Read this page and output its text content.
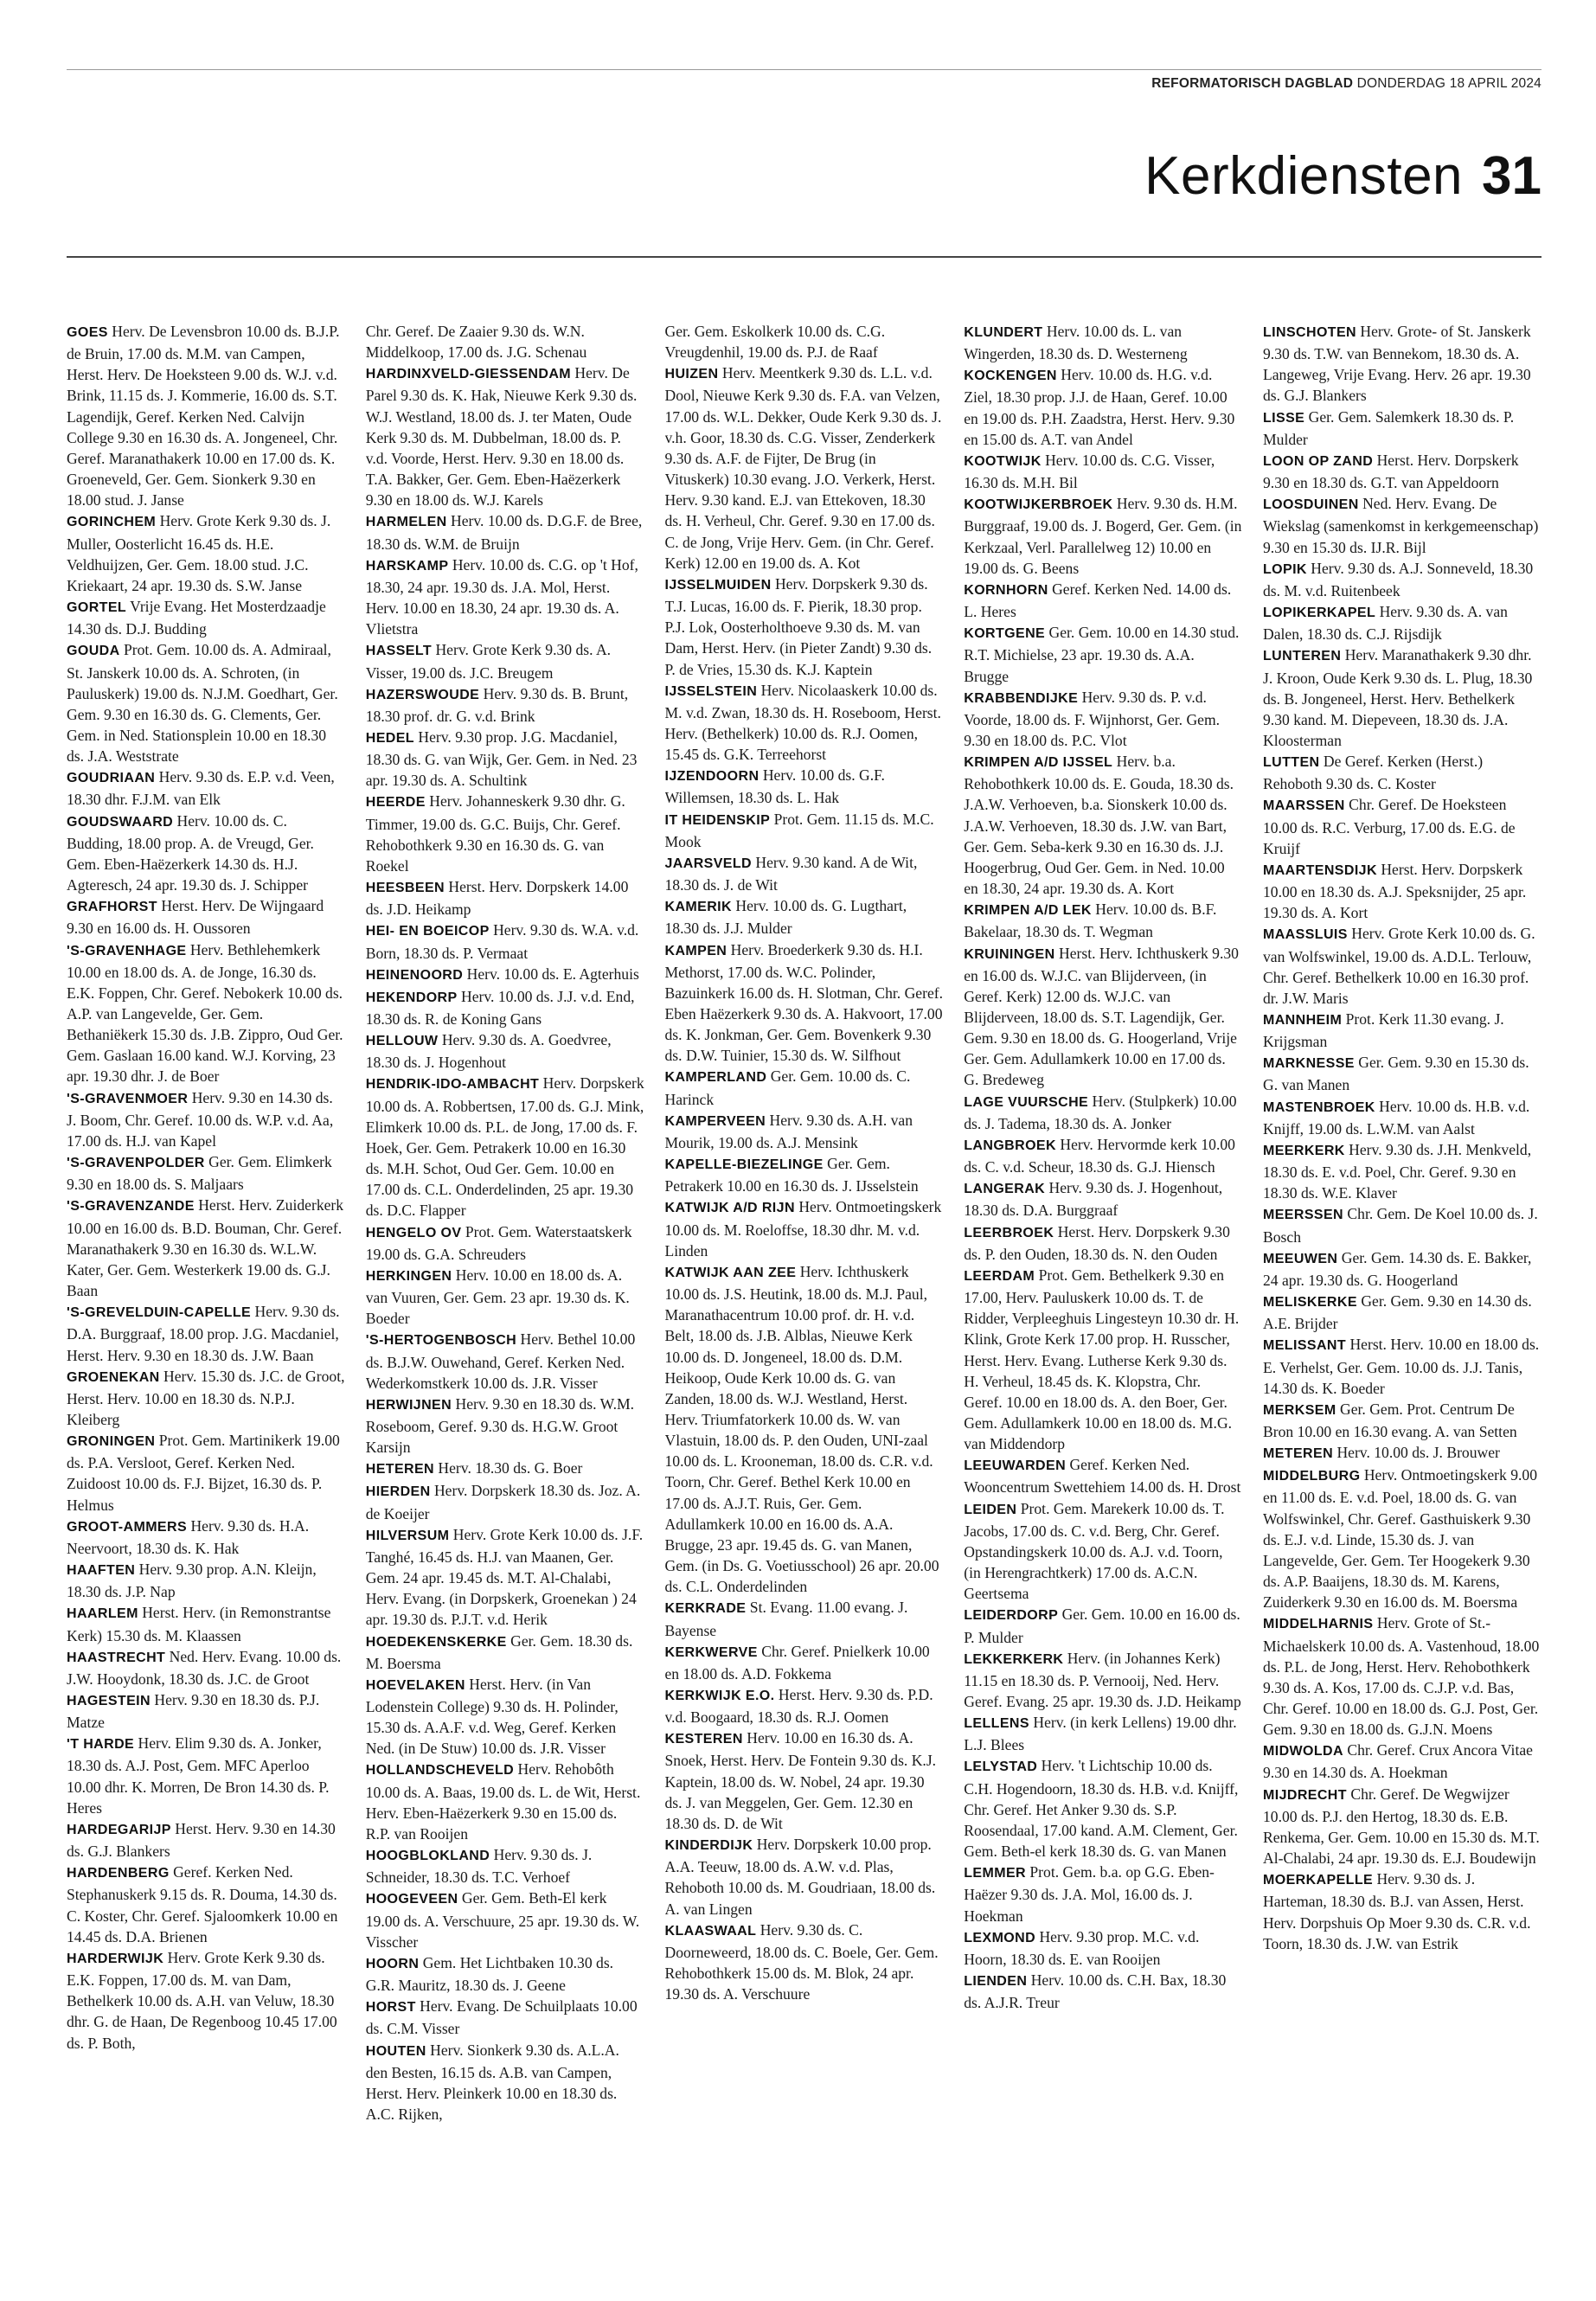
REFORMATORISCH DAGBLAD DONDERDAG 18 APRIL 2024
Kerkdiensten 31

GOES Herv. De Levensbron 10.00 ds. B.J.P. de Bruin, 17.00 ds. M.M. van Campen, Herst. Herv. De Hoeksteen 9.00 ds. W.J. v.d. Brink, 11.15 ds. J. Kommerie, 16.00 ds. S.T. Lagendijk, Geref. Kerken Ned. Calvijn College 9.30 en 16.30 ds. A. Jongeneel, Chr. Geref. Maranathakerk 10.00 en 17.00 ds. K. Groeneveld, Ger. Gem. Sionkerk 9.30 en 18.00 stud. J. Janse

GORINCHEM Herv. Grote Kerk 9.30 ds. J. Muller, Oosterlicht 16.45 ds. H.E. Veldhuijzen, Ger. Gem. 18.00 stud. J.C. Kriekaart, 24 apr. 19.30 ds. S.W. Janse

GORTEL Vrije Evang. Het Mosterdzaadje 14.30 ds. D.J. Budding

GOUDA Prot. Gem. 10.00 ds. A. Admiraal, St. Janskerk 10.00 ds. A. Schroten, (in Pauluskerk) 19.00 ds. N.J.M. Goedhart, Ger. Gem. 9.30 en 16.30 ds. G. Clements, Ger. Gem. in Ned. Stationsplein 10.00 en 18.30 ds. J.A. Weststrate

GOUDRIAAN Herv. 9.30 ds. E.P. v.d. Veen, 18.30 dhr. F.J.M. van Elk

GOUDSWAARD Herv. 10.00 ds. C. Budding, 18.00 prop. A. de Vreugd, Ger. Gem. Eben-Haëzerkerk 14.30 ds. H.J. Agteresch, 24 apr. 19.30 ds. J. Schipper

GRAFHORST Herst. Herv. De Wijngaard 9.30 en 16.00 ds. H. Oussoren

'S-GRAVENHAGE Herv. Bethlehemkerk 10.00 en 18.00 ds. A. de Jonge, 16.30 ds. E.K. Foppen, Chr. Geref. Nebokerk 10.00 ds. A.P. van Langevelde, Ger. Gem. Bethaniëkerk 15.30 ds. J.B. Zippro, Oud Ger. Gem. Gaslaan 16.00 kand. W.J. Korving, 23 apr. 19.30 dhr. J. de Boer

'S-GRAVENMOER Herv. 9.30 en 14.30 ds. J. Boom, Chr. Geref. 10.00 ds. W.P. v.d. Aa, 17.00 ds. H.J. van Kapel

'S-GRAVENPOLDER Ger. Gem. Elimkerk 9.30 en 18.00 ds. S. Maljaars

'S-GRAVENZANDE Herst. Herv. Zuiderkerk 10.00 en 16.00 ds. B.D. Bouman, Chr. Geref. Maranathakerk 9.30 en 16.30 ds. W.L.W. Kater, Ger. Gem. Westerkerk 19.00 ds. G.J. Baan

'S-GREVELDUIN-CAPELLE Herv. 9.30 ds. D.A. Burggraaf, 18.00 prop. J.G. Macdaniel, Herst. Herv. 9.30 en 18.30 ds. J.W. Baan

GROENEKAN Herv. 15.30 ds. J.C. de Groot, Herst. Herv. 10.00 en 18.30 ds. N.P.J. Kleiberg

GRONINGEN Prot. Gem. Martinikerk 19.00 ds. P.A. Versloot, Geref. Kerken Ned. Zuidoost 10.00 ds. F.J. Bijzet, 16.30 ds. P. Helmus

GROOT-AMMERS Herv. 9.30 ds. H.A. Neervoort, 18.30 ds. K. Hak

HAAFTEN Herv. 9.30 prop. A.N. Kleijn, 18.30 ds. J.P. Nap

HAARLEM Herst. Herv. (in Remonstrantse Kerk) 15.30 ds. M. Klaassen

HAASTRECHT Ned. Herv. Evang. 10.00 ds. J.W. Hooydonk, 18.30 ds. J.C. de Groot

HAGESTEIN Herv. 9.30 en 18.30 ds. P.J. Matze

'T HARDE Herv. Elim 9.30 ds. A. Jonker, 18.30 ds. A.J. Post, Gem. MFC Aperloo 10.00 dhr. K. Morren, De Bron 14.30 ds. P. Heres

HARDEGARIJP Herst. Herv. 9.30 en 14.30 ds. G.J. Blankers

HARDENBERG Geref. Kerken Ned. Stephanuskerk 9.15 ds. R. Douma, 14.30 ds. C. Koster, Chr. Geref. Sjaloomkerk 10.00 en 14.45 ds. D.A. Brienen

HARDERWIJK Herv. Grote Kerk 9.30 ds. E.K. Foppen, 17.00 ds. M. van Dam, Bethelkerk 10.00 ds. A.H. van Veluw, 18.30 dhr. G. de Haan, De Regenboog 10.45 17.00 ds. P. Both,

Chr. Geref. De Zaaier 9.30 ds. W.N. Middelkoop, 17.00 ds. J.G. Schenau

HARDINXVELD-GIESSENDAM Herv. De Parel 9.30 ds. K. Hak, Nieuwe Kerk 9.30 ds. W.J. Westland, 18.00 ds. J. ter Maten, Oude Kerk 9.30 ds. M. Dubbelman, 18.00 ds. P. v.d. Voorde, Herst. Herv. 9.30 en 18.00 ds. T.A. Bakker, Ger. Gem. Eben-Haëzerkerk 9.30 en 18.00 ds. W.J. Karels

HARMELEN Herv. 10.00 ds. D.G.F. de Bree, 18.30 ds. W.M. de Bruijn

HARSKAMP Herv. 10.00 ds. C.G. op 't Hof, 18.30, 24 apr. 19.30 ds. J.A. Mol, Herst. Herv. 10.00 en 18.30, 24 apr. 19.30 ds. A. Vlietstra

HASSELT Herv. Grote Kerk 9.30 ds. A. Visser, 19.00 ds. J.C. Breugem

HAZERSWOUDE Herv. 9.30 ds. B. Brunt, 18.30 prof. dr. G. v.d. Brink

HEDEL Herv. 9.30 prop. J.G. Macdaniel, 18.30 ds. G. van Wijk, Ger. Gem. in Ned. 23 apr. 19.30 ds. A. Schultink

HEERDE Herv. Johanneskerk 9.30 dhr. G. Timmer, 19.00 ds. G.C. Buijs, Chr. Geref. Rehobothkerk 9.30 en 16.30 ds. G. van Roekel

HEESBEEN Herst. Herv. Dorpskerk 14.00 ds. J.D. Heikamp

HEI- EN BOEICOP Herv. 9.30 ds. W.A. v.d. Born, 18.30 ds. P. Vermaat

HEINENOORD Herv. 10.00 ds. E. Agterhuis

HEKENDORP Herv. 10.00 ds. J.J. v.d. End, 18.30 ds. R. de Koning Gans

HELLOUW Herv. 9.30 ds. A. Goedvree, 18.30 ds. J. Hogenhout

HENDRIK-IDO-AMBACHT Herv. Dorpskerk 10.00 ds. A. Robbertsen, 17.00 ds. G.J. Mink, Elimkerk 10.00 ds. P.L. de Jong, 17.00 ds. F. Hoek, Ger. Gem. Petrakerk 10.00 en 16.30 ds. M.H. Schot, Oud Ger. Gem. 10.00 en 17.00 ds. C.L. Onderdelinden, 25 apr. 19.30 ds. D.C. Flapper

HENGELO OV Prot. Gem. Waterstaatskerk 19.00 ds. G.A. Schreuders

HERKINGEN Herv. 10.00 en 18.00 ds. A. van Vuuren, Ger. Gem. 23 apr. 19.30 ds. K. Boeder

'S-HERTOGENBOSCH Herv. Bethel 10.00 ds. B.J.W. Ouwehand, Geref. Kerken Ned. Wederkomstkerk 10.00 ds. J.R. Visser

HERWIJNEN Herv. 9.30 en 18.30 ds. W.M. Roseboom, Geref. 9.30 ds. H.G.W. Groot Karsijn

HETEREN Herv. 18.30 ds. G. Boer

HIERDEN Herv. Dorpskerk 18.30 ds. Joz. A. de Koeijer

HILVERSUM Herv. Grote Kerk 10.00 ds. J.F. Tanghé, 16.45 ds. H.J. van Maanen, Ger. Gem. 24 apr. 19.45 ds. M.T. Al-Chalabi, Herv. Evang. (in Dorpskerk, Groenekan ) 24 apr. 19.30 ds. P.J.T. v.d. Herik

HOEDEKENSKERKE Ger. Gem. 18.30 ds. M. Boersma

HOEVELAKEN Herst. Herv. (in Van Lodenstein College) 9.30 ds. H. Polinder, 15.30 ds. A.A.F. v.d. Weg, Geref. Kerken Ned. (in De Stuw) 10.00 ds. J.R. Visser

HOLLANDSCHEVELD Herv. Rehobôth 10.00 ds. A. Baas, 19.00 ds. L. de Wit, Herst. Herv. Eben-Haëzerkerk 9.30 en 15.00 ds. R.P. van Rooijen

HOOGBLOKLAND Herv. 9.30 ds. J. Schneider, 18.30 ds. T.C. Verhoef

HOOGEVEEN Ger. Gem. Beth-El kerk 19.00 ds. A. Verschuure, 25 apr. 19.30 ds. W. Visscher

HOORN Gem. Het Lichtbaken 10.30 ds. G.R. Mauritz, 18.30 ds. J. Geene

HORST Herv. Evang. De Schuilplaats 10.00 ds. C.M. Visser

HOUTEN Herv. Sionkerk 9.30 ds. A.L.A. den Besten, 16.15 ds. A.B. van Campen, Herst. Herv. Pleinkerk 10.00 en 18.30 ds. A.C. Rijken,

Ger. Gem. Eskolkerk 10.00 ds. C.G. Vreugdenhil, 19.00 ds. P.J. de Raaf

HUIZEN Herv. Meentkerk 9.30 ds. L.L. v.d. Dool, Nieuwe Kerk 9.30 ds. F.A. van Velzen, 17.00 ds. W.L. Dekker, Oude Kerk 9.30 ds. J. v.h. Goor, 18.30 ds. C.G. Visser, Zenderkerk 9.30 ds. A.F. de Fijter, De Brug (in Vituskerk) 10.30 evang. J.O. Verkerk, Herst. Herv. 9.30 kand. E.J. van Ettekoven, 18.30 ds. H. Verheul, Chr. Geref. 9.30 en 17.00 ds. C. de Jong, Vrije Herv. Gem. (in Chr. Geref. Kerk) 12.00 en 19.00 ds. A. Kot

IJSSELMUIDEN Herv. Dorpskerk 9.30 ds. T.J. Lucas, 16.00 ds. F. Pierik, 18.30 prop. P.J. Lok, Oosterholthoeve 9.30 ds. M. van Dam, Herst. Herv. (in Pieter Zandt) 9.30 ds. P. de Vries, 15.30 ds. K.J. Kaptein

IJSSELSTEIN Herv. Nicolaaskerk 10.00 ds. M. v.d. Zwan, 18.30 ds. H. Roseboom, Herst. Herv. (Bethelkerk) 10.00 ds. R.J. Oomen, 15.45 ds. G.K. Terreehorst

IJZENDOORN Herv. 10.00 ds. G.F. Willemsen, 18.30 ds. L. Hak

IT HEIDENSKIP Prot. Gem. 11.15 ds. M.C. Mook

JAARSVELD Herv. 9.30 kand. A de Wit, 18.30 ds. J. de Wit

KAMERIK Herv. 10.00 ds. G. Lugthart, 18.30 ds. J.J. Mulder

KAMPEN Herv. Broederkerk 9.30 ds. H.I. Methorst, 17.00 ds. W.C. Polinder, Bazuinkerk 16.00 ds. H. Slotman, Chr. Geref. Eben Haëzerkerk 9.30 ds. A. Hakvoort, 17.00 ds. K. Jonkman, Ger. Gem. Bovenkerk 9.30 ds. D.W. Tuinier, 15.30 ds. W. Silfhout

KAMPERLAND Ger. Gem. 10.00 ds. C. Harinck

KAMPERVEEN Herv. 9.30 ds. A.H. van Mourik, 19.00 ds. A.J. Mensink

KAPELLE-BIEZELINGE Ger. Gem. Petrakerk 10.00 en 16.30 ds. J. IJsselstein

KATWIJK A/D RIJN Herv. Ontmoetingskerk 10.00 ds. M. Roeloffse, 18.30 dhr. M. v.d. Linden

KATWIJK AAN ZEE Herv. Ichthuskerk 10.00 ds. J.S. Heutink, 18.00 ds. M.J. Paul, Maranathacentrum 10.00 prof. dr. H. v.d. Belt, 18.00 ds. J.B. Alblas, Nieuwe Kerk 10.00 ds. D. Jongeneel, 18.00 ds. D.M. Heikoop, Oude Kerk 10.00 ds. G. van Zanden, 18.00 ds. W.J. Westland, Herst. Herv. Triumfatorkerk 10.00 ds. W. van Vlastuin, 18.00 ds. P. den Ouden, UNI-zaal 10.00 ds. L. Krooneman, 18.00 ds. C.R. v.d. Toorn, Chr. Geref. Bethel Kerk 10.00 en 17.00 ds. A.J.T. Ruis, Ger. Gem. Adullamkerk 10.00 en 16.00 ds. A.A. Brugge, 23 apr. 19.45 ds. G. van Manen, Gem. (in Ds. G. Voetiusschool) 26 apr. 20.00 ds. C.L. Onderdelinden

KERKRADE St. Evang. 11.00 evang. J. Bayense

KERKWERVE Chr. Geref. Pnielkerk 10.00 en 18.00 ds. A.D. Fokkema

KERKWIJK E.O. Herst. Herv. 9.30 ds. P.D. v.d. Boogaard, 18.30 ds. R.J. Oomen

KESTEREN Herv. 10.00 en 16.30 ds. A. Snoek, Herst. Herv. De Fontein 9.30 ds. K.J. Kaptein, 18.00 ds. W. Nobel, 24 apr. 19.30 ds. J. van Meggelen, Ger. Gem. 12.30 en 18.30 ds. D. de Wit

KINDERDIJK Herv. Dorpskerk 10.00 prop. A.A. Teeuw, 18.00 ds. A.W. v.d. Plas, Rehoboth 10.00 ds. M. Goudriaan, 18.00 ds. A. van Lingen

KLAASWAAL Herv. 9.30 ds. C. Doorneweerd, 18.00 ds. C. Boele, Ger. Gem. Rehobothkerk 15.00 ds. M. Blok, 24 apr. 19.30 ds. A. Verschuure

KLUNDERT Herv. 10.00 ds. L. van Wingerden, 18.30 ds. D. Westerneng

KOCKENGEN Herv. 10.00 ds. H.G. v.d. Ziel, 18.30 prop. J.J. de Haan, Geref. 10.00 en 19.00 ds. P.H. Zaadstra, Herst. Herv. 9.30 en 15.00 ds. A.T. van Andel

KOOTWIJK Herv. 10.00 ds. C.G. Visser, 16.30 ds. M.H. Bil

KOOTWIJKERBROEK Herv. 9.30 ds. H.M. Burggraaf, 19.00 ds. J. Bogerd, Ger. Gem. (in Kerkzaal, Verl. Parallelweg 12) 10.00 en 19.00 ds. G. Beens

KORNHORN Geref. Kerken Ned. 14.00 ds. L. Heres

KORTGENE Ger. Gem. 10.00 en 14.30 stud. R.T. Michielse, 23 apr. 19.30 ds. A.A. Brugge

KRABBENDIJKE Herv. 9.30 ds. P. v.d. Voorde, 18.00 ds. F. Wijnhorst, Ger. Gem. 9.30 en 18.00 ds. P.C. Vlot

KRIMPEN A/D IJSSEL Herv. b.a. Rehobothkerk 10.00 ds. E. Gouda, 18.30 ds. J.A.W. Verhoeven, b.a. Sionskerk 10.00 ds. J.A.W. Verhoeven, 18.30 ds. J.W. van Bart, Ger. Gem. Seba-kerk 9.30 en 16.30 ds. J.J. Hoogerbrug, Oud Ger. Gem. in Ned. 10.00 en 18.30, 24 apr. 19.30 ds. A. Kort

KRIMPEN A/D LEK Herv. 10.00 ds. B.F. Bakelaar, 18.30 ds. T. Wegman

KRUININGEN Herst. Herv. Ichthuskerk 9.30 en 16.00 ds. W.J.C. van Blijderveen, (in Geref. Kerk) 12.00 ds. W.J.C. van Blijderveen, 18.00 ds. S.T. Lagendijk, Ger. Gem. 9.30 en 18.00 ds. G. Hoogerland, Vrije Ger. Gem. Adullamkerk 10.00 en 17.00 ds. G. Bredeweg

LAGE VUURSCHE Herv. (Stulpkerk) 10.00 ds. J. Tadema, 18.30 ds. A. Jonker

LANGBROEK Herv. Hervormde kerk 10.00 ds. C. v.d. Scheur, 18.30 ds. G.J. Hiensch

LANGERAK Herv. 9.30 ds. J. Hogenhout, 18.30 ds. D.A. Burggraaf

LEERBROEK Herst. Herv. Dorpskerk 9.30 ds. P. den Ouden, 18.30 ds. N. den Ouden

LEERDAM Prot. Gem. Bethelkerk 9.30 en 17.00, Herv. Pauluskerk 10.00 ds. T. de Ridder, Verpleeghuis Lingesteyn 10.30 dr. H. Klink, Grote Kerk 17.00 prop. H. Russcher, Herst. Herv. Evang. Lutherse Kerk 9.30 ds. H. Verheul, 18.45 ds. K. Klopstra, Chr. Geref. 10.00 en 18.00 ds. A. den Boer, Ger. Gem. Adullamkerk 10.00 en 18.00 ds. M.G. van Middendorp

LEEUWARDEN Geref. Kerken Ned. Wooncentrum Swettehiem 14.00 ds. H. Drost

LEIDEN Prot. Gem. Marekerk 10.00 ds. T. Jacobs, 17.00 ds. C. v.d. Berg, Chr. Geref. Opstandingskerk 10.00 ds. A.J. v.d. Toorn, (in Herengrachtkerk) 17.00 ds. A.C.N. Geertsema

LEIDERDORP Ger. Gem. 10.00 en 16.00 ds. P. Mulder

LEKKERKERK Herv. (in Johannes Kerk) 11.15 en 18.30 ds. P. Vernooij, Ned. Herv. Geref. Evang. 25 apr. 19.30 ds. J.D. Heikamp

LELLENS Herv. (in kerk Lellens) 19.00 dhr. L.J. Blees

LELYSTAD Herv. 't Lichtschip 10.00 ds. C.H. Hogendoorn, 18.30 ds. H.B. v.d. Knijff, Chr. Geref. Het Anker 9.30 ds. S.P. Roosendaal, 17.00 kand. A.M. Clement, Ger. Gem. Beth-el kerk 18.30 ds. G. van Manen

LEMMER Prot. Gem. b.a. op G.G. Eben-Haëzer 9.30 ds. J.A. Mol, 16.00 ds. J. Hoekman

LEXMOND Herv. 9.30 prop. M.C. v.d. Hoorn, 18.30 ds. E. van Rooijen

LIENDEN Herv. 10.00 ds. C.H. Bax, 18.30 ds. A.J.R. Treur

LINSCHOTEN Herv. Grote- of St. Janskerk 9.30 ds. T.W. van Bennekom, 18.30 ds. A. Langeweg, Vrije Evang. Herv. 26 apr. 19.30 ds. G.J. Blankers

LISSE Ger. Gem. Salemkerk 18.30 ds. P. Mulder

LOON OP ZAND Herst. Herv. Dorpskerk 9.30 en 18.30 ds. G.T. van Appeldoorn

LOOSDUINEN Ned. Herv. Evang. De Wiekslag (samenkomst in kerkgemeenschap) 9.30 en 15.30 ds. IJ.R. Bijl

LOPIK Herv. 9.30 ds. A.J. Sonneveld, 18.30 ds. M. v.d. Ruitenbeek

LOPIKERKAPEL Herv. 9.30 ds. A. van Dalen, 18.30 ds. C.J. Rijsdijk

LUNTEREN Herv. Maranathakerk 9.30 dhr. J. Kroon, Oude Kerk 9.30 ds. L. Plug, 18.30 ds. B. Jongeneel, Herst. Herv. Bethelkerk 9.30 kand. M. Diepeveen, 18.30 ds. J.A. Kloosterman

LUTTEN De Geref. Kerken (Herst.) Rehoboth 9.30 ds. C. Koster

MAARSSEN Chr. Geref. De Hoeksteen 10.00 ds. R.C. Verburg, 17.00 ds. E.G. de Kruijf

MAARTENSDIJK Herst. Herv. Dorpskerk 10.00 en 18.30 ds. A.J. Speksnijder, 25 apr. 19.30 ds. A. Kort

MAASSLUIS Herv. Grote Kerk 10.00 ds. G. van Wolfswinkel, 19.00 ds. A.D.L. Terlouw, Chr. Geref. Bethelkerk 10.00 en 16.30 prof. dr. J.W. Maris

MANNHEIM Prot. Kerk 11.30 evang. J. Krijgsman

MARKNESSE Ger. Gem. 9.30 en 15.30 ds. G. van Manen

MASTENBROEK Herv. 10.00 ds. H.B. v.d. Knijff, 19.00 ds. L.W.M. van Aalst

MEERKERK Herv. 9.30 ds. J.H. Menkveld, 18.30 ds. E. v.d. Poel, Chr. Geref. 9.30 en 18.30 ds. W.E. Klaver

MEERSSEN Chr. Gem. De Koel 10.00 ds. J. Bosch

MEEUWEN Ger. Gem. 14.30 ds. E. Bakker, 24 apr. 19.30 ds. G. Hoogerland

MELISKERKE Ger. Gem. 9.30 en 14.30 ds. A.E. Brijder

MELISSANT Herst. Herv. 10.00 en 18.00 ds. E. Verhelst, Ger. Gem. 10.00 ds. J.J. Tanis, 14.30 ds. K. Boeder

MERKSEM Ger. Gem. Prot. Centrum De Bron 10.00 en 16.30 evang. A. van Setten

METEREN Herv. 10.00 ds. J. Brouwer

MIDDELBURG Herv. Ontmoetingskerk 9.00 en 11.00 ds. E. v.d. Poel, 18.00 ds. G. van Wolfswinkel, Chr. Geref. Gasthuiskerk 9.30 ds. E.J. v.d. Linde, 15.30 ds. J. van Langevelde, Ger. Gem. Ter Hoogekerk 9.30 ds. A.P. Baaijens, 18.30 ds. M. Karens, Zuiderkerk 9.30 en 16.00 ds. M. Boersma

MIDDELHARNIS Herv. Grote of St.-Michaelskerk 10.00 ds. A. Vastenhoud, 18.00 ds. P.L. de Jong, Herst. Herv. Rehobothkerk 9.30 ds. A. Kos, 17.00 ds. C.J.P. v.d. Bas, Chr. Geref. 10.00 en 18.00 ds. G.J. Post, Ger. Gem. 9.30 en 18.00 ds. G.J.N. Moens

MIDWOLDA Chr. Geref. Crux Ancora Vitae 9.30 en 14.30 ds. A. Hoekman

MIJDRECHT Chr. Geref. De Wegwijzer 10.00 ds. P.J. den Hertog, 18.30 ds. E.B. Renkema, Ger. Gem. 10.00 en 15.30 ds. M.T. Al-Chalabi, 24 apr. 19.30 ds. E.J. Boudewijn

MOERKAPELLE Herv. 9.30 ds. J. Harteman, 18.30 ds. B.J. van Assen, Herst. Herv. Dorpshuis Op Moer 9.30 ds. C.R. v.d. Toorn, 18.30 ds. J.W. van Estrik
